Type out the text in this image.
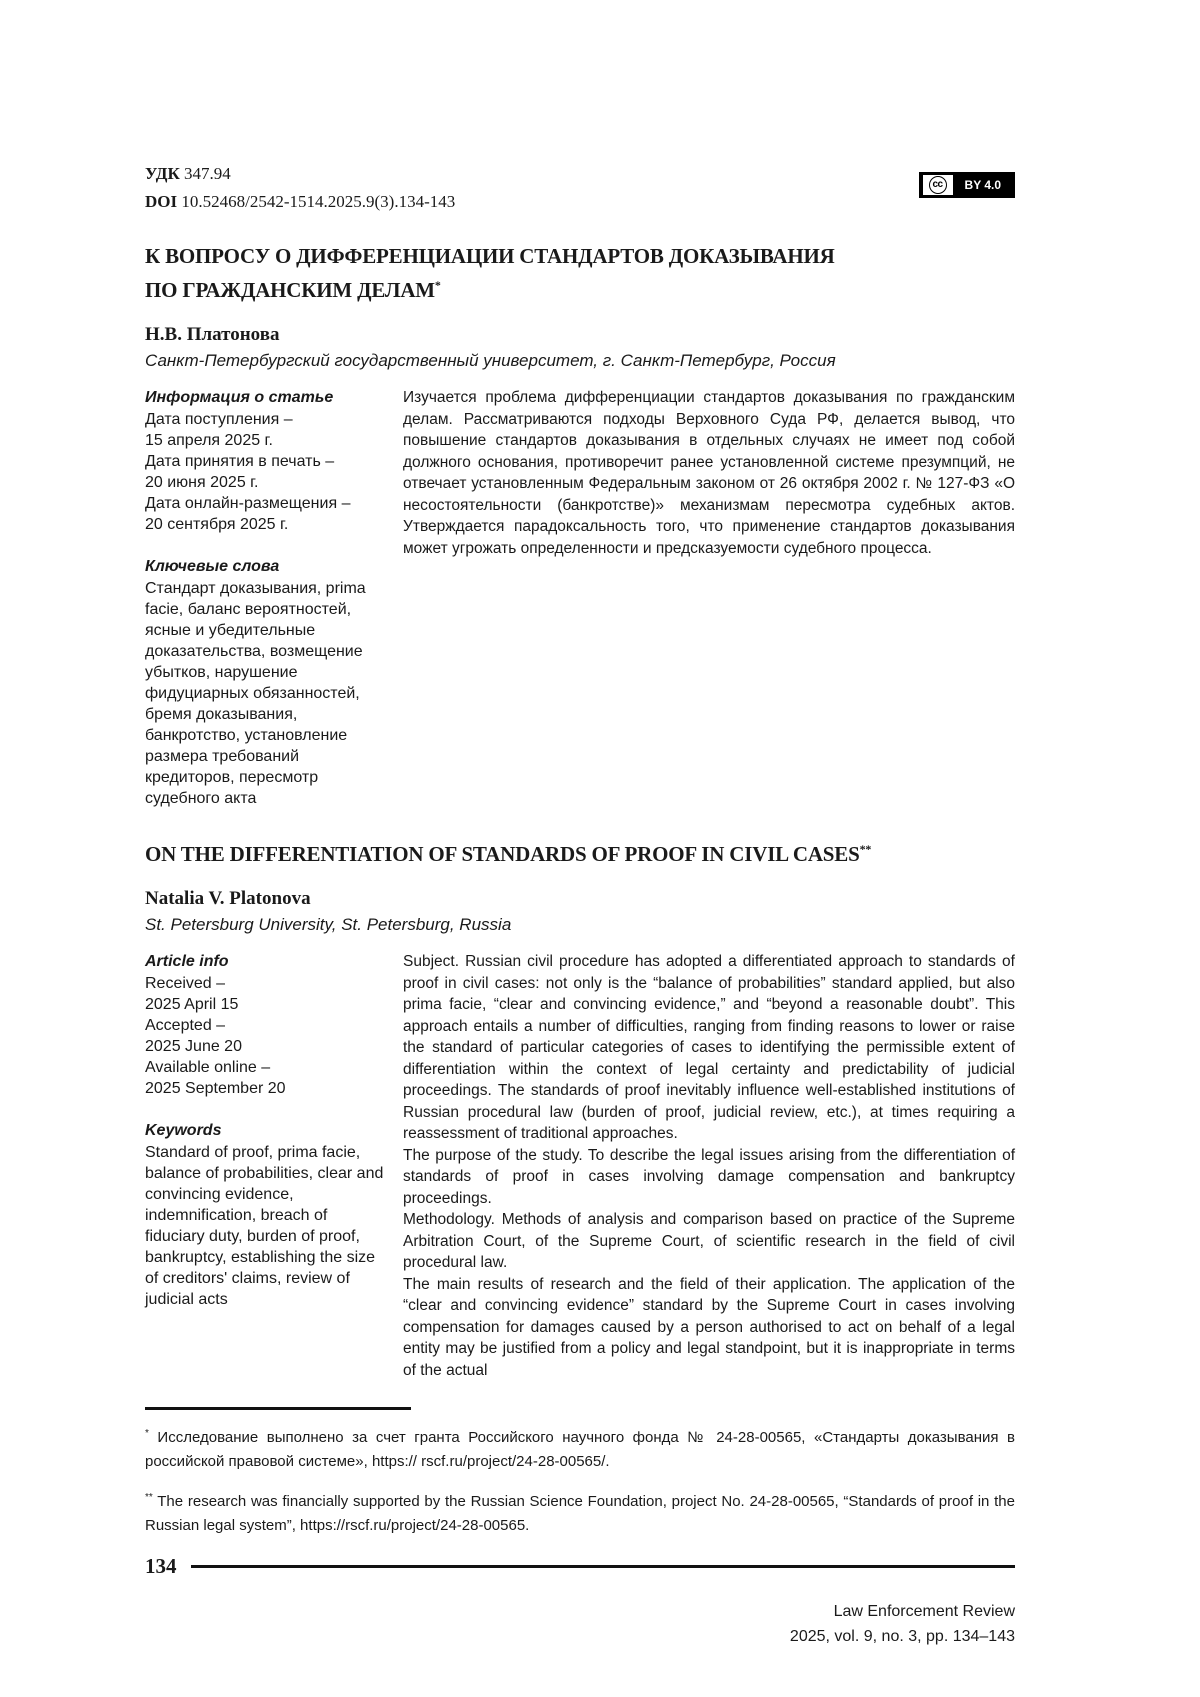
УДК 347.94
DOI 10.52468/2542-1514.2025.9(3).134-143
cc	BY 4.0
К ВОПРОСУ О ДИФФЕРЕНЦИАЦИИ СТАНДАРТОВ ДОКАЗЫВАНИЯ
ПО ГРАЖДАНСКИМ ДЕЛАМ*
Н.В. Платонова
Санкт-Петербургский государственный университет, г. Санкт-Петербург, Россия
Информация о статье
Дата поступления –
15 апреля 2025 г.
Дата принятия в печать –
20 июня 2025 г.
Дата онлайн-размещения –
20 сентября 2025 г.
Ключевые слова
Стандарт доказывания, prima facie, баланс вероятностей, ясные и убедительные доказательства, возмещение убытков, нарушение фидуциарных обязанностей, бремя доказывания, банкротство, установление размера требований кредиторов, пересмотр судебного акта

Изучается проблема дифференциации стандартов доказывания по гражданским делам. Рассматриваются подходы Верховного Суда РФ, делается вывод, что повышение стандартов доказывания в отдельных случаях не имеет под собой должного основания, противоречит ранее установленной системе презумпций, не отвечает установленным Федеральным законом от 26 октября 2002 г. № 127-ФЗ «О несостоятельности (банкротстве)» механизмам пересмотра судебных актов. Утверждается парадоксальность того, что применение стандартов доказывания может угрожать определенности и предсказуемости судебного процесса.

ON THE DIFFERENTIATION OF STANDARDS OF PROOF IN CIVIL CASES**
Natalia V. Platonova
St. Petersburg University, St. Petersburg, Russia
Article info
Received –
2025 April 15
Accepted –
2025 June 20
Available online –
2025 September 20
Keywords
Standard of proof, prima facie, balance of probabilities, clear and convincing evidence, indemnification, breach of fiduciary duty, burden of proof, bankruptcy, establishing the size of creditors' claims, review of judicial acts

Subject. Russian civil procedure has adopted a differentiated approach to standards of proof in civil cases: not only is the “balance of probabilities” standard applied, but also prima facie, “clear and convincing evidence,” and “beyond a reasonable doubt”. This approach entails a number of difficulties, ranging from finding reasons to lower or raise the standard of particular categories of cases to identifying the permissible extent of differentiation within the context of legal certainty and predictability of judicial proceedings. The standards of proof inevitably influence well-established institutions of Russian procedural law (burden of proof, judicial review, etc.), at times requiring a reassessment of traditional approaches.

The purpose of the study. To describe the legal issues arising from the differentiation of standards of proof in cases involving damage compensation and bankruptcy proceedings.

Methodology. Methods of analysis and comparison based on practice of the Supreme Arbitration Court, of the Supreme Court, of scientific research in the field of civil procedural law.

The main results of research and the field of their application. The application of the “clear and convincing evidence” standard by the Supreme Court in cases involving compensation for damages caused by a person authorised to act on behalf of a legal entity may be justified from a policy and legal standpoint, but it is inappropriate in terms of the actual

* Исследование выполнено за счет гранта Российского научного фонда № 24-28-00565, «Стандарты доказывания в российской правовой системе», https:// rscf.ru/project/24-28-00565/.
** The research was financially supported by the Russian Science Foundation, project No. 24-28-00565, “Standards of proof in the Russian legal system”, https://rscf.ru/project/24-28-00565.
134
Law Enforcement Review
2025, vol. 9, no. 3, pp. 134–143
